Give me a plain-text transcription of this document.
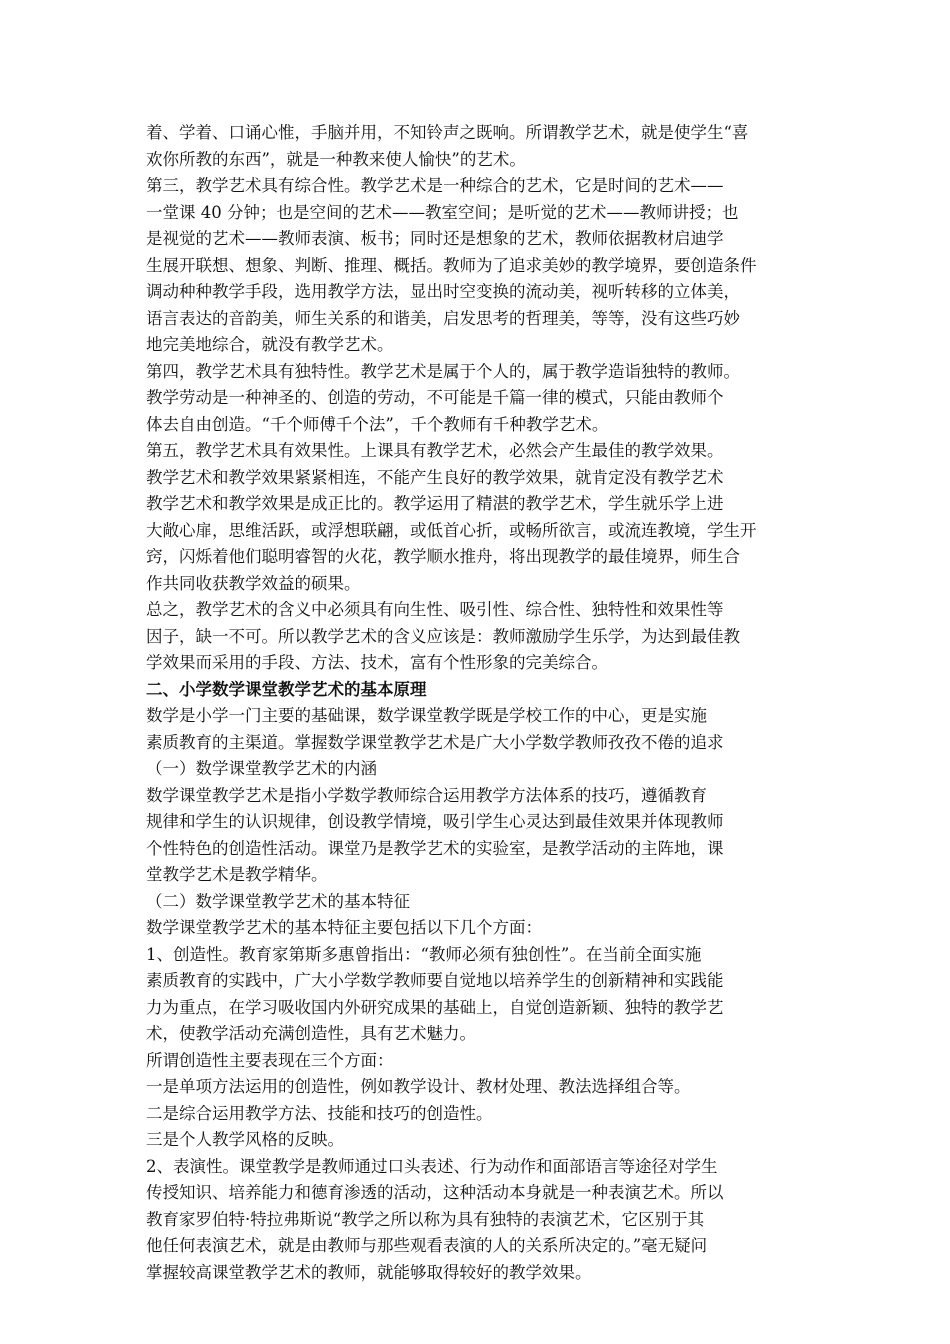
着、学着、口诵心惟，手脑并用，不知铃声之既响。所谓教学艺术，就是使学生“喜
欢你所教的东西”，就是一种教来使人愉快”的艺术。
第三，教学艺术具有综合性。教学艺术是一种综合的艺术，它是时间的艺术——
一堂课 40 分钟；也是空间的艺术——教室空间；是听觉的艺术——教师讲授；也
是视觉的艺术——教师表演、板书；同时还是想象的艺术，教师依据教材启迪学
生展开联想、想象、判断、推理、概括。教师为了追求美妙的教学境界，要创造条件
调动种种教学手段，选用教学方法，显出时空变换的流动美，视听转移的立体美，
语言表达的音韵美，师生关系的和谐美，启发思考的哲理美，等等，没有这些巧妙
地完美地综合，就没有教学艺术。
第四，教学艺术具有独特性。教学艺术是属于个人的，属于教学造诣独特的教师。
教学劳动是一种神圣的、创造的劳动，不可能是千篇一律的模式，只能由教师个
体去自由创造。“千个师傅千个法”，千个教师有千种教学艺术。
第五，教学艺术具有效果性。上课具有教学艺术，必然会产生最佳的教学效果。
教学艺术和教学效果紧紧相连，不能产生良好的教学效果，就肯定没有教学艺术
教学艺术和教学效果是成正比的。教学运用了精湛的教学艺术，学生就乐学上进
大敞心扉，思维活跃，或浮想联翩，或低首心折，或畅所欲言，或流连教境，学生开
窍，闪烁着他们聪明睿智的火花，教学顺水推舟，将出现教学的最佳境界，师生合
作共同收获教学效益的硕果。
总之，教学艺术的含义中必须具有向生性、吸引性、综合性、独特性和效果性等
因子，缺一不可。所以教学艺术的含义应该是：教师激励学生乐学，为达到最佳教
学效果而采用的手段、方法、技术，富有个性形象的完美综合。
二、小学数学课堂教学艺术的基本原理
数学是小学一门主要的基础课，数学课堂教学既是学校工作的中心，更是实施
素质教育的主渠道。掌握数学课堂教学艺术是广大小学数学教师孜孜不倦的追求
（一）数学课堂教学艺术的内涵
数学课堂教学艺术是指小学数学教师综合运用教学方法体系的技巧，遵循教育
规律和学生的认识规律，创设教学情境，吸引学生心灵达到最佳效果并体现教师
个性特色的创造性活动。课堂乃是教学艺术的实验室，是教学活动的主阵地，课
堂教学艺术是教学精华。
（二）数学课堂教学艺术的基本特征
数学课堂教学艺术的基本特征主要包括以下几个方面：
1、创造性。教育家第斯多惠曾指出：“教师必须有独创性”。在当前全面实施
素质教育的实践中，广大小学数学教师要自觉地以培养学生的创新精神和实践能
力为重点，在学习吸收国内外研究成果的基础上，自觉创造新颖、独特的教学艺
术，使教学活动充满创造性，具有艺术魅力。
所谓创造性主要表现在三个方面：
一是单项方法运用的创造性，例如教学设计、教材处理、教法选择组合等。
二是综合运用教学方法、技能和技巧的创造性。
三是个人教学风格的反映。
2、表演性。课堂教学是教师通过口头表述、行为动作和面部语言等途径对学生
传授知识、培养能力和德育渗透的活动，这种活动本身就是一种表演艺术。所以
教育家罗伯特·特拉弗斯说“教学之所以称为具有独特的表演艺术，它区别于其
他任何表演艺术，就是由教师与那些观看表演的人的关系所决定的。”毫无疑问
掌握较高课堂教学艺术的教师，就能够取得较好的教学效果。
